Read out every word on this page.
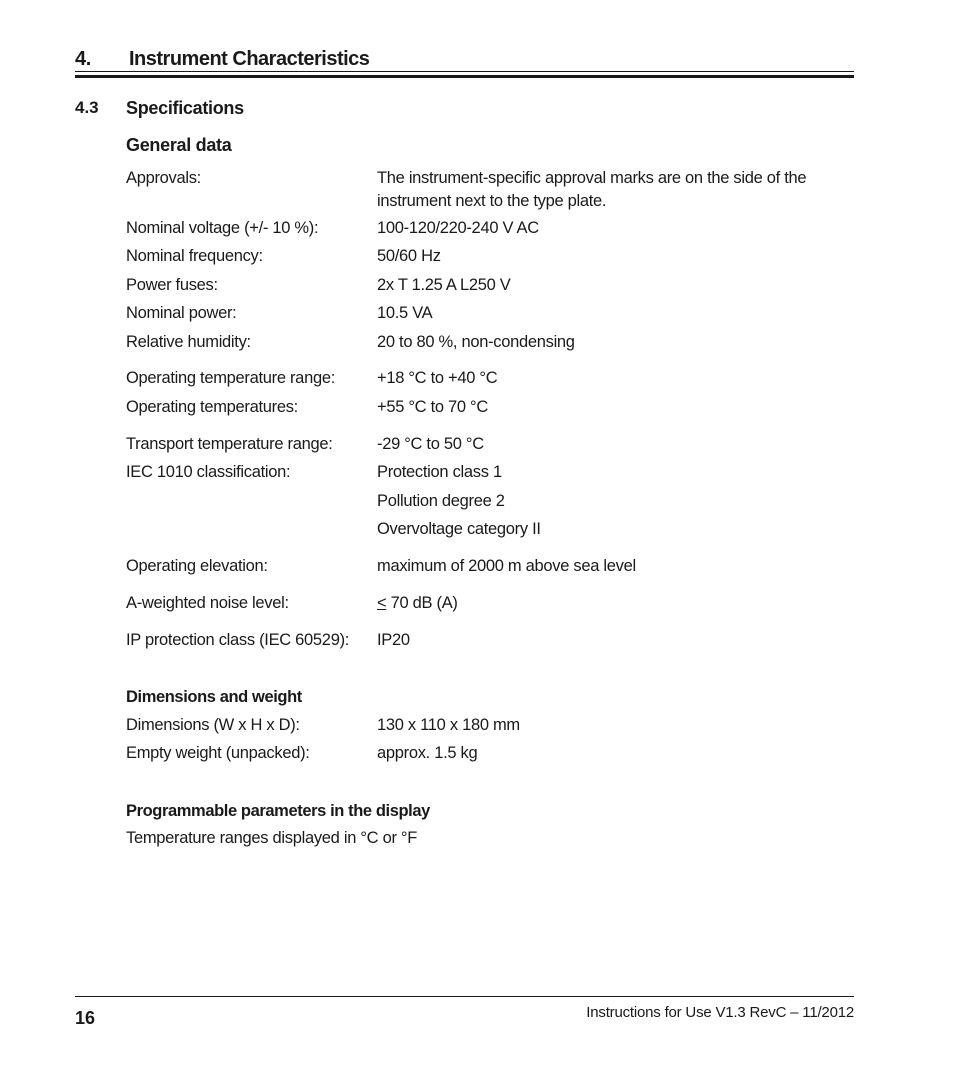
4. Instrument Characteristics
4.3 Specifications
General data
Approvals:	The instrument-specific approval marks are on the side of the instrument next to the type plate.
Nominal voltage (+/- 10 %):	100-120/220-240 V AC
Nominal frequency:	50/60 Hz
Power fuses:	2x T 1.25 A L250 V
Nominal power:	10.5 VA
Relative humidity:	20 to 80 %, non-condensing
Operating temperature range:	+18 °C to +40 °C
Operating temperatures:	+55 °C to 70 °C
Transport temperature range:	-29 °C to 50 °C
IEC 1010 classification:	Protection class 1
Pollution degree 2
Overvoltage category II
Operating elevation:	maximum of 2000 m above sea level
A-weighted noise level:	< 70 dB (A)
IP protection class (IEC 60529): IP20
Dimensions and weight
Dimensions (W x H x D):	130 x 110 x 180 mm
Empty weight (unpacked):	approx. 1.5 kg
Programmable parameters in the display
Temperature ranges displayed in °C or °F
16	Instructions for Use V1.3 RevC – 11/2012
